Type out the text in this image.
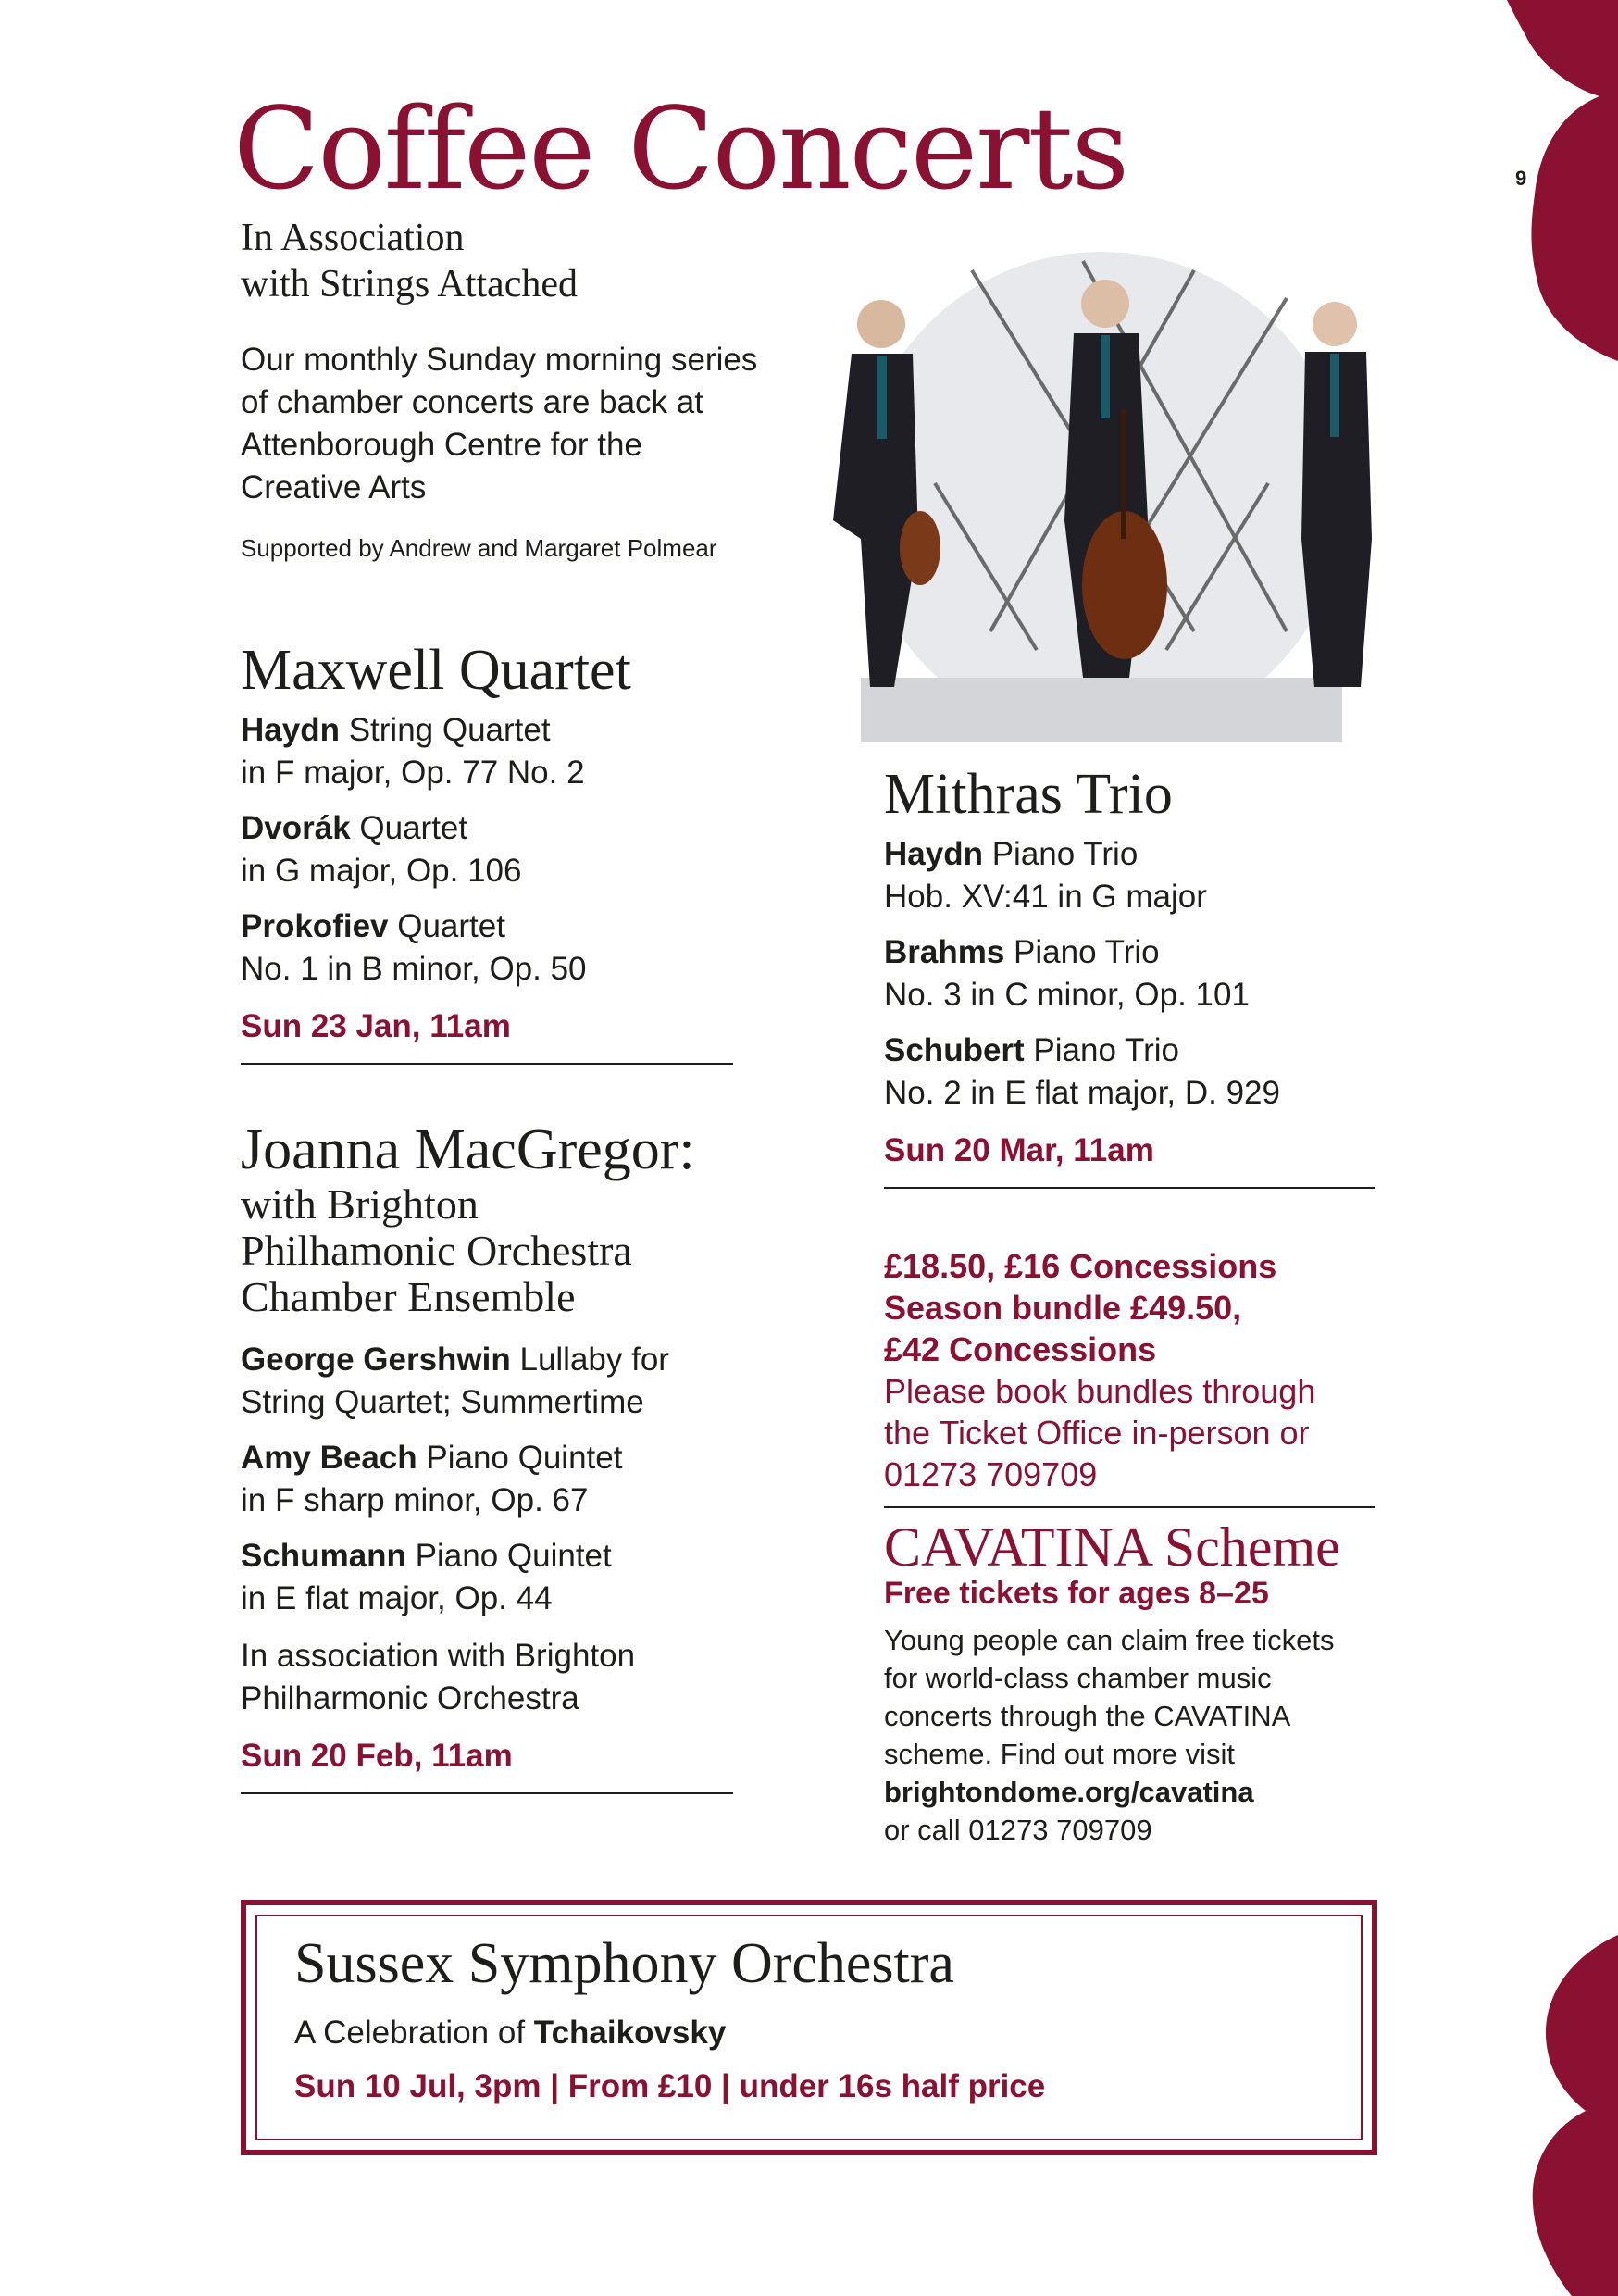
9
Coffee Concerts
In Association
with Strings Attached

Our monthly Sunday morning series of chamber concerts are back at Attenborough Centre for the Creative Arts

Supported by Andrew and Margaret Polmear

Maxwell Quartet

Haydn String Quartet
in F major, Op. 77 No. 2

Dvorák Quartet
in G major, Op. 106

Prokofiev Quartet
No. 1 in B minor, Op. 50

Sun 23 Jan, 11am

Joanna MacGregor:
with Brighton
Philhamonic Orchestra
Chamber Ensemble

George Gershwin Lullaby for
String Quartet; Summertime

Amy Beach Piano Quintet
in F sharp minor, Op. 67

Schumann Piano Quintet
in E flat major, Op. 44

In association with Brighton
Philharmonic Orchestra

Sun 20 Feb, 11am

Mithras Trio

Haydn Piano Trio
Hob. XV:41 in G major

Brahms Piano Trio
No. 3 in C minor, Op. 101

Schubert Piano Trio
No. 2 in E flat major, D. 929

Sun 20 Mar, 11am

£18.50, £16 Concessions

Season bundle £49.50,

£42 Concessions

Please book bundles through

the Ticket Office in-person or

01273 709709

CAVATINA Scheme

Free tickets for ages 8–25

Young people can claim free tickets

for world-class chamber music

concerts through the CAVATINA

scheme. Find out more visit

brightondome.org/cavatina

or call 01273 709709

Sussex Symphony Orchestra

A Celebration of Tchaikovsky

Sun 10 Jul, 3pm | From £10 | under 16s half price
